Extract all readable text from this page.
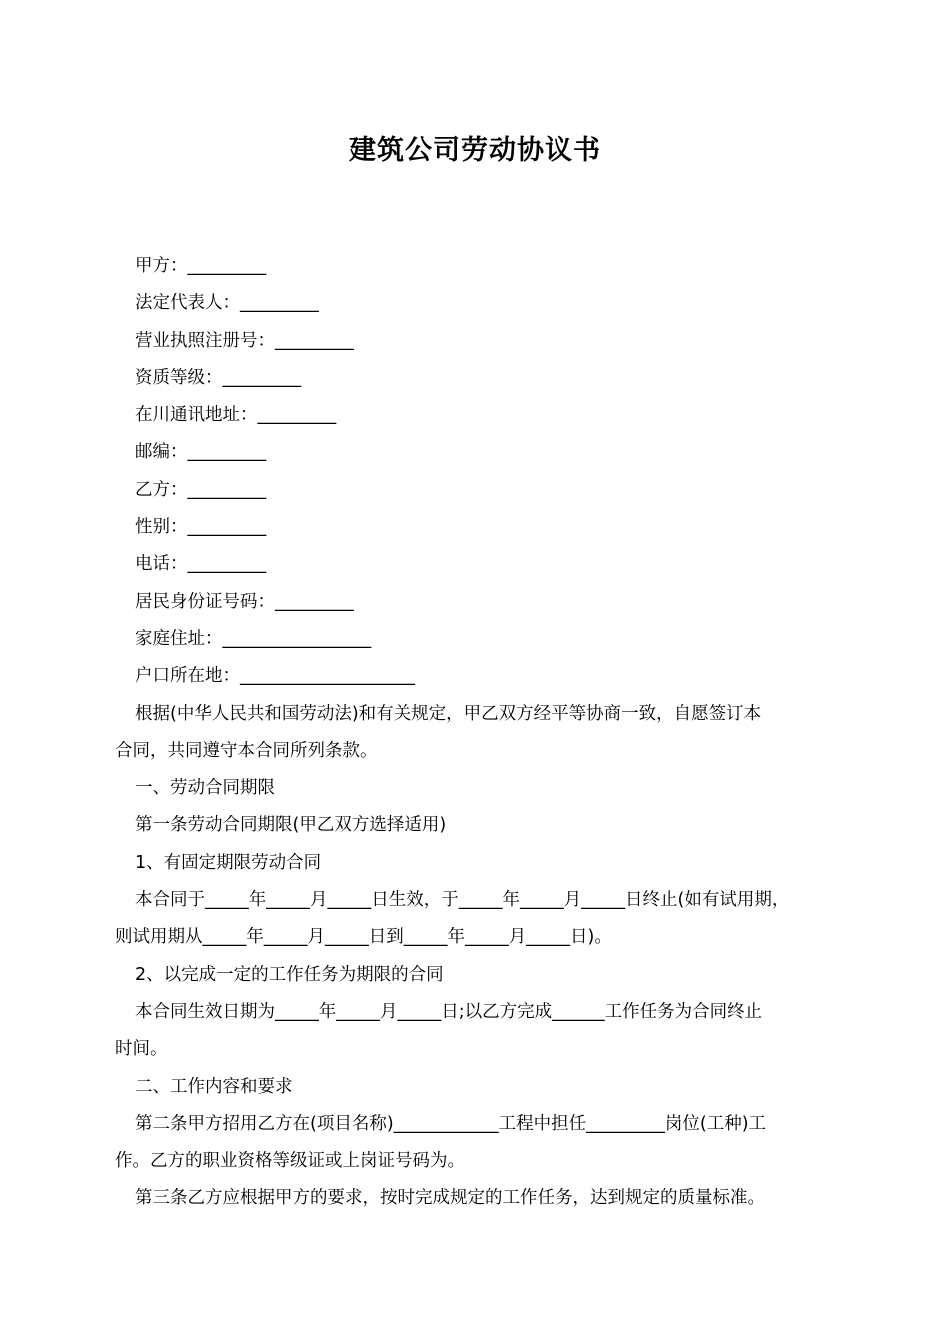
建筑公司劳动协议书

甲方：_________

法定代表人：_________

营业执照注册号：_________

资质等级：_________

在川通讯地址：_________

邮编：_________

乙方：_________

性别：_________

电话：_________

居民身份证号码：_________

家庭住址：_________________

户口所在地：____________________

根据(中华人民共和国劳动法)和有关规定，甲乙双方经平等协商一致，自愿签订本

合同，共同遵守本合同所列条款。

一、劳动合同期限

第一条劳动合同期限(甲乙双方选择适用)

1、有固定期限劳动合同

本合同于_____年_____月_____日生效，于_____年_____月_____日终止(如有试用期，

则试用期从_____年_____月_____日到_____年_____月_____日)。

2、以完成一定的工作任务为期限的合同

本合同生效日期为_____年_____月_____日;以乙方完成______工作任务为合同终止

时间。

二、工作内容和要求

第二条甲方招用乙方在(项目名称)____________工程中担任_________岗位(工种)工

作。乙方的职业资格等级证或上岗证号码为。

第三条乙方应根据甲方的要求，按时完成规定的工作任务，达到规定的质量标准。
